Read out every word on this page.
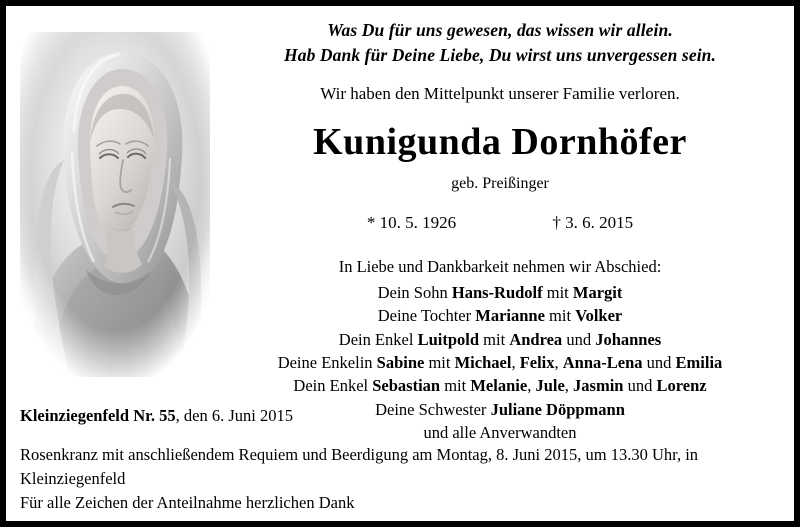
Was Du für uns gewesen, das wissen wir allein.
Hab Dank für Deine Liebe, Du wirst uns unvergessen sein.
Wir haben den Mittelpunkt unserer Familie verloren.
Kunigunda Dornhöfer
geb. Preißinger
* 10. 5. 1926	† 3. 6. 2015
In Liebe und Dankbarkeit nehmen wir Abschied:
Dein Sohn Hans-Rudolf mit Margit
Deine Tochter Marianne mit Volker
Dein Enkel Luitpold mit Andrea und Johannes
Deine Enkelin Sabine mit Michael, Felix, Anna-Lena und Emilia
Dein Enkel Sebastian mit Melanie, Jule, Jasmin und Lorenz
Deine Schwester Juliane Döppmann
und alle Anverwandten
Kleinziegenfeld Nr. 55, den 6. Juni 2015
Rosenkranz mit anschließendem Requiem und Beerdigung am Montag, 8. Juni 2015, um 13.30 Uhr, in
Kleinziegenfeld
Für alle Zeichen der Anteilnahme herzlichen Dank
